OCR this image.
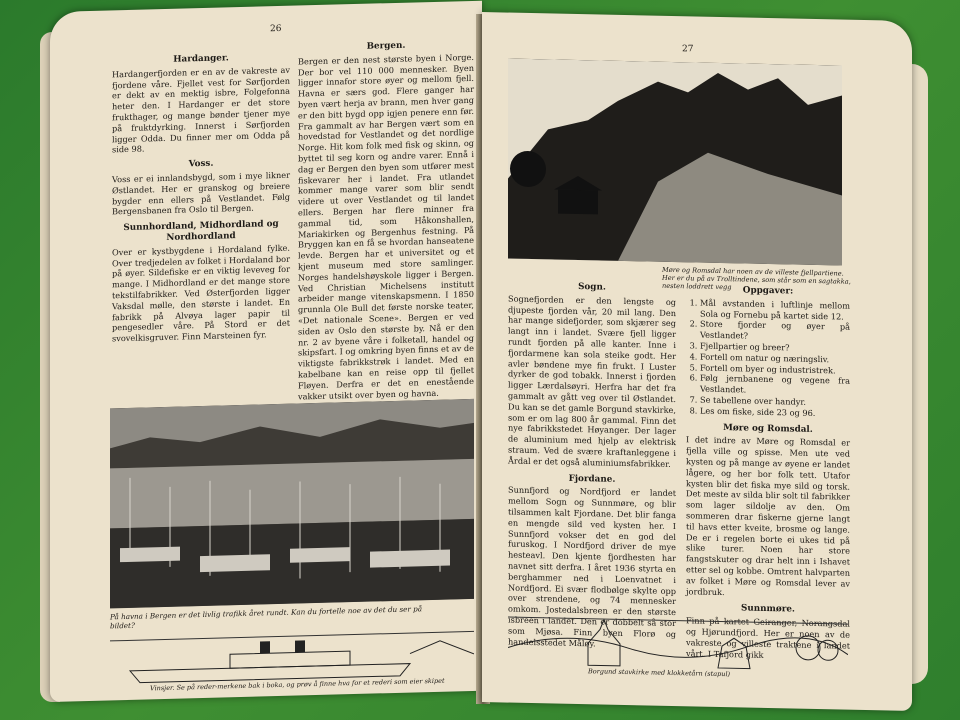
26
Hardanger.

Hardangerfjorden er en av de vakreste av fjordene våre. Fjellet vest for Sørfjorden er dekt av en mektig isbre, Folgefonna heter den. I Hardanger er det store frukthager, og mange bønder tjener mye på fruktdyrking. Innerst i Sørfjorden ligger Odda. Du finner mer om Odda på side 98.

Voss.

Voss er ei innlandsbygd, som i mye likner Østlandet. Her er granskog og breiere bygder enn ellers på Vestlandet. Følg Bergensbanen fra Oslo til Bergen.

Sunnhordland, Midhordland og Nordhordland

Over er kystbygdene i Hordaland fylke. Over tredjedelen av folket i Hordaland bor på øyer. Sildefiske er en viktig leveveg for mange. I Midhordland er det mange store tekstilfabrikker. Ved Østerfjorden ligger Vaksdal mølle, den største i landet. En fabrikk på Alvøya lager papir til pengesedler våre. På Stord er det svovelkisgruver. Finn Marsteinen fyr.

Bergen.

Bergen er den nest største byen i Norge. Der bor vel 110 000 mennesker. Byen ligger innafor store øyer og mellom fjell. Havna er særs god. Flere ganger har byen vært herja av brann, men hver gang er den bitt bygd opp igjen penere enn før. Fra gammalt av har Bergen vært som en hovedstad for Vestlandet og det nordlige Norge. Hit kom folk med fisk og skinn, og byttet til seg korn og andre varer. Ennå i dag er Bergen den byen som utfører mest fiskevarer her i landet. Fra utlandet kommer mange varer som blir sendt videre ut over Vestlandet og til landet ellers. Bergen har flere minner fra gammal tid, som Håkonshallen, Mariakirken og Bergenhus festning. På Bryggen kan en få se hvordan hanseatene levde. Bergen har et universitet og et kjent museum med store samlinger. Norges handelshøyskole ligger i Bergen. Ved Christian Michelsens institutt arbeider mange vitenskapsmenn. I 1850 grunnla Ole Bull det første norske teater, «Det nationale Scene». Bergen er ved siden av Oslo den største by. Nå er den nr. 2 av byene våre i folketall, handel og skipsfart. I og omkring byen finns et av de viktigste fabrikkstrøk i landet. Med en kabelbane kan en reise opp til fjellet Fløyen. Derfra er det en enestående vakker utsikt over byen og havna.

På havna i Bergen er det livlig trafikk året rundt. Kan du fortelle noe av det du ser på bildet?
Vinsjer. Se på reder-merkene bak i boka, og prøv å finne hva for et rederi som eier skipet
27
Møre og Romsdal har noen av de villeste fjellpartiene. Her er du på av Trolltindene, som står som en sagtakka, nesten loddrett vegg
Sogn.

Sognefjorden er den lengste og djupeste fjorden vår, 20 mil lang. Den har mange sidefjorder, som skjærer seg langt inn i landet. Svære fjell ligger rundt fjorden på alle kanter. Inne i fjordarmene kan sola steike godt. Her avler bøndene mye fin frukt. I Luster dyrker de god tobakk. Innerst i fjorden ligger Lærdalsøyri. Herfra har det fra gammalt av gått veg over til Østlandet. Du kan se det gamle Borgund stavkirke, som er om lag 800 år gammal. Finn det nye fabrikkstedet Høyanger. Der lager de aluminium med hjelp av elektrisk straum. Ved de svære kraftanleggene i Årdal er det også aluminiumsfabrikker.

Fjordane.

Sunnfjord og Nordfjord er landet mellom Sogn og Sunnmøre, og blir tilsammen kalt Fjordane. Det blir fanga en mengde sild ved kysten her. I Sunnfjord vokser det en god del furuskog. I Nordfjord driver de mye hesteavl. Den kjente fjordhesten har navnet sitt derfra. I året 1936 styrta en berghammer ned i Loenvatnet i Nordfjord. Ei svær flodbølge skylte opp over strendene, og 74 mennesker omkom. Jostedalsbreen er den største isbreen i landet. Den er dobbelt så stor som Mjøsa. Finn byen Florø og handelsstedet Måløy.

Oppgaver:
1. Mål avstanden i luftlinje mellom Sola og Fornebu på kartet side 12.
2. Store fjorder og øyer på Vestlandet?
3. Fjellpartier og breer?
4. Fortell om natur og næringsliv.
5. Fortell om byer og industristrek.
6. Følg jernbanene og vegene fra Vestlandet.
7. Se tabellene over handyr.
8. Les om fiske, side 23 og 96.
Møre og Romsdal.

I det indre av Møre og Romsdal er fjella ville og spisse. Men ute ved kysten og på mange av øyene er landet lågere, og her bor folk tett. Utafor kysten blir det fiska mye sild og torsk. Det meste av silda blir solt til fabrikker som lager sildolje av den. Om sommeren drar fiskerne gjerne langt til havs etter kveite, brosme og lange. De er i regelen borte ei ukes tid på slike turer. Noen har store fangstskuter og drar helt inn i Ishavet etter sel og kobbe. Omtrent halvparten av folket i Møre og Romsdal lever av jordbruk.

Sunnmøre.

Finn på kartet Geiranger, Norangsdal og Hjørundfjord. Her er noen av de vakreste og villeste traktene i landet vårt. I Tafjord gikk

Borgund stavkirke med klokketårn (stapul)
